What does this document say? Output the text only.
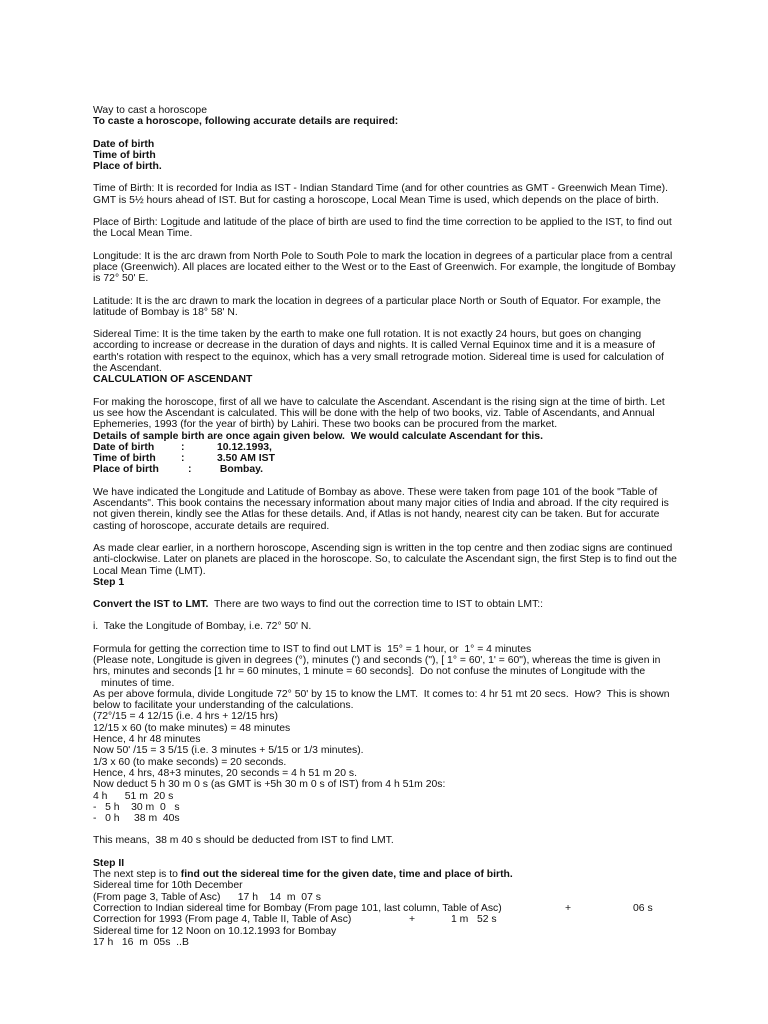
Way to cast a horoscope
To caste a horoscope, following accurate details are required:
Date of birth
Time of birth
Place of birth.
Time of Birth: It is recorded for India as IST - Indian Standard Time (and for other countries as GMT - Greenwich Mean Time).
GMT is 5½ hours ahead of IST. But for casting a horoscope, Local Mean Time is used, which depends on the place of birth.
Place of Birth: Logitude and latitude of the place of birth are used to find the time correction to be applied to the IST, to find out
the Local Mean Time.
Longitude: It is the arc drawn from North Pole to South Pole to mark the location in degrees of a particular place from a central
place (Greenwich). All places are located either to the West or to the East of Greenwich. For example, the longitude of Bombay
is 72° 50' E.
Latitude: It is the arc drawn to mark the location in degrees of a particular place North or South of Equator. For example, the
latitude of Bombay is 18° 58' N.
Sidereal Time: It is the time taken by the earth to make one full rotation. It is not exactly 24 hours, but goes on changing
according to increase or decrease in the duration of days and nights. It is called Vernal Equinox time and it is a measure of
earth's rotation with respect to the equinox, which has a very small retrograde motion. Sidereal time is used for calculation of
the Ascendant.
CALCULATION OF ASCENDANT
For making the horoscope, first of all we have to calculate the Ascendant. Ascendant is the rising sign at the time of birth. Let
us see how the Ascendant is calculated. This will be done with the help of two books, viz. Table of Ascendants, and Annual
Ephemeries, 1993 (for the year of birth) by Lahiri. These two books can be procured from the market.
Details of sample birth are once again given below.  We would calculate Ascendant for this.
Date of birth	:	10.12.1993,
Time of birth :	3.50 AM IST
Place of birth	: Bombay.
We have indicated the Longitude and Latitude of Bombay as above. These were taken from page 101 of the book "Table of
Ascendants". This book contains the necessary information about many major cities of India and abroad. If the city required is
not given therein, kindly see the Atlas for these details. And, if Atlas is not handy, nearest city can be taken. But for accurate
casting of horoscope, accurate details are required.
As made clear earlier, in a northern horoscope, Ascending sign is written in the top centre and then zodiac signs are continued
anti-clockwise. Later on planets are placed in the horoscope. So, to calculate the Ascendant sign, the first Step is to find out the
Local Mean Time (LMT).
Step 1
Convert the IST to LMT.  There are two ways to find out the correction time to IST to obtain LMT::
i.  Take the Longitude of Bombay, i.e. 72° 50' N.
Formula for getting the correction time to IST to find out LMT is  15° = 1 hour, or  1° = 4 minutes
(Please note, Longitude is given in degrees (°), minutes (') and seconds ("), [ 1° = 60', 1' = 60"), whereas the time is given in
hrs, minutes and seconds [1 hr = 60 minutes, 1 minute = 60 seconds].  Do not confuse the minutes of Longitude with the
minutes of time.
As per above formula, divide Longitude 72° 50' by 15 to know the LMT.  It comes to: 4 hr 51 mt 20 secs.  How?  This is shown
below to facilitate your understanding of the calculations.
(72°/15 = 4 12/15 (i.e. 4 hrs + 12/15 hrs)
12/15 x 60 (to make minutes) = 48 minutes
Hence, 4 hr 48 minutes
Now 50' /15 = 3 5/15 (i.e. 3 minutes + 5/15 or 1/3 minutes).
1/3 x 60 (to make seconds) = 20 seconds.
Hence, 4 hrs, 48+3 minutes, 20 seconds = 4 h 51 m 20 s.
Now deduct 5 h 30 m 0 s (as GMT is +5h 30 m 0 s of IST) from 4 h 51m 20s:
4 h      51 m  20 s
-   5 h    30 m  0   s
-   0 h     38 m  40s
This means,  38 m 40 s should be deducted from IST to find LMT.
Step II
The next step is to find out the sidereal time for the given date, time and place of birth.
Sidereal time for 10th December
(From page 3, Table of Asc)      17 h    14  m  07 s
Correction to Indian sidereal time for Bombay (From page 101, last column, Table of Asc)	+	06 s
Correction for 1993 (From page 4, Table II, Table of Asc)	+	1 m   52 s
Sidereal time for 12 Noon on 10.12.1993 for Bombay
17 h   16  m  05s  ..B
